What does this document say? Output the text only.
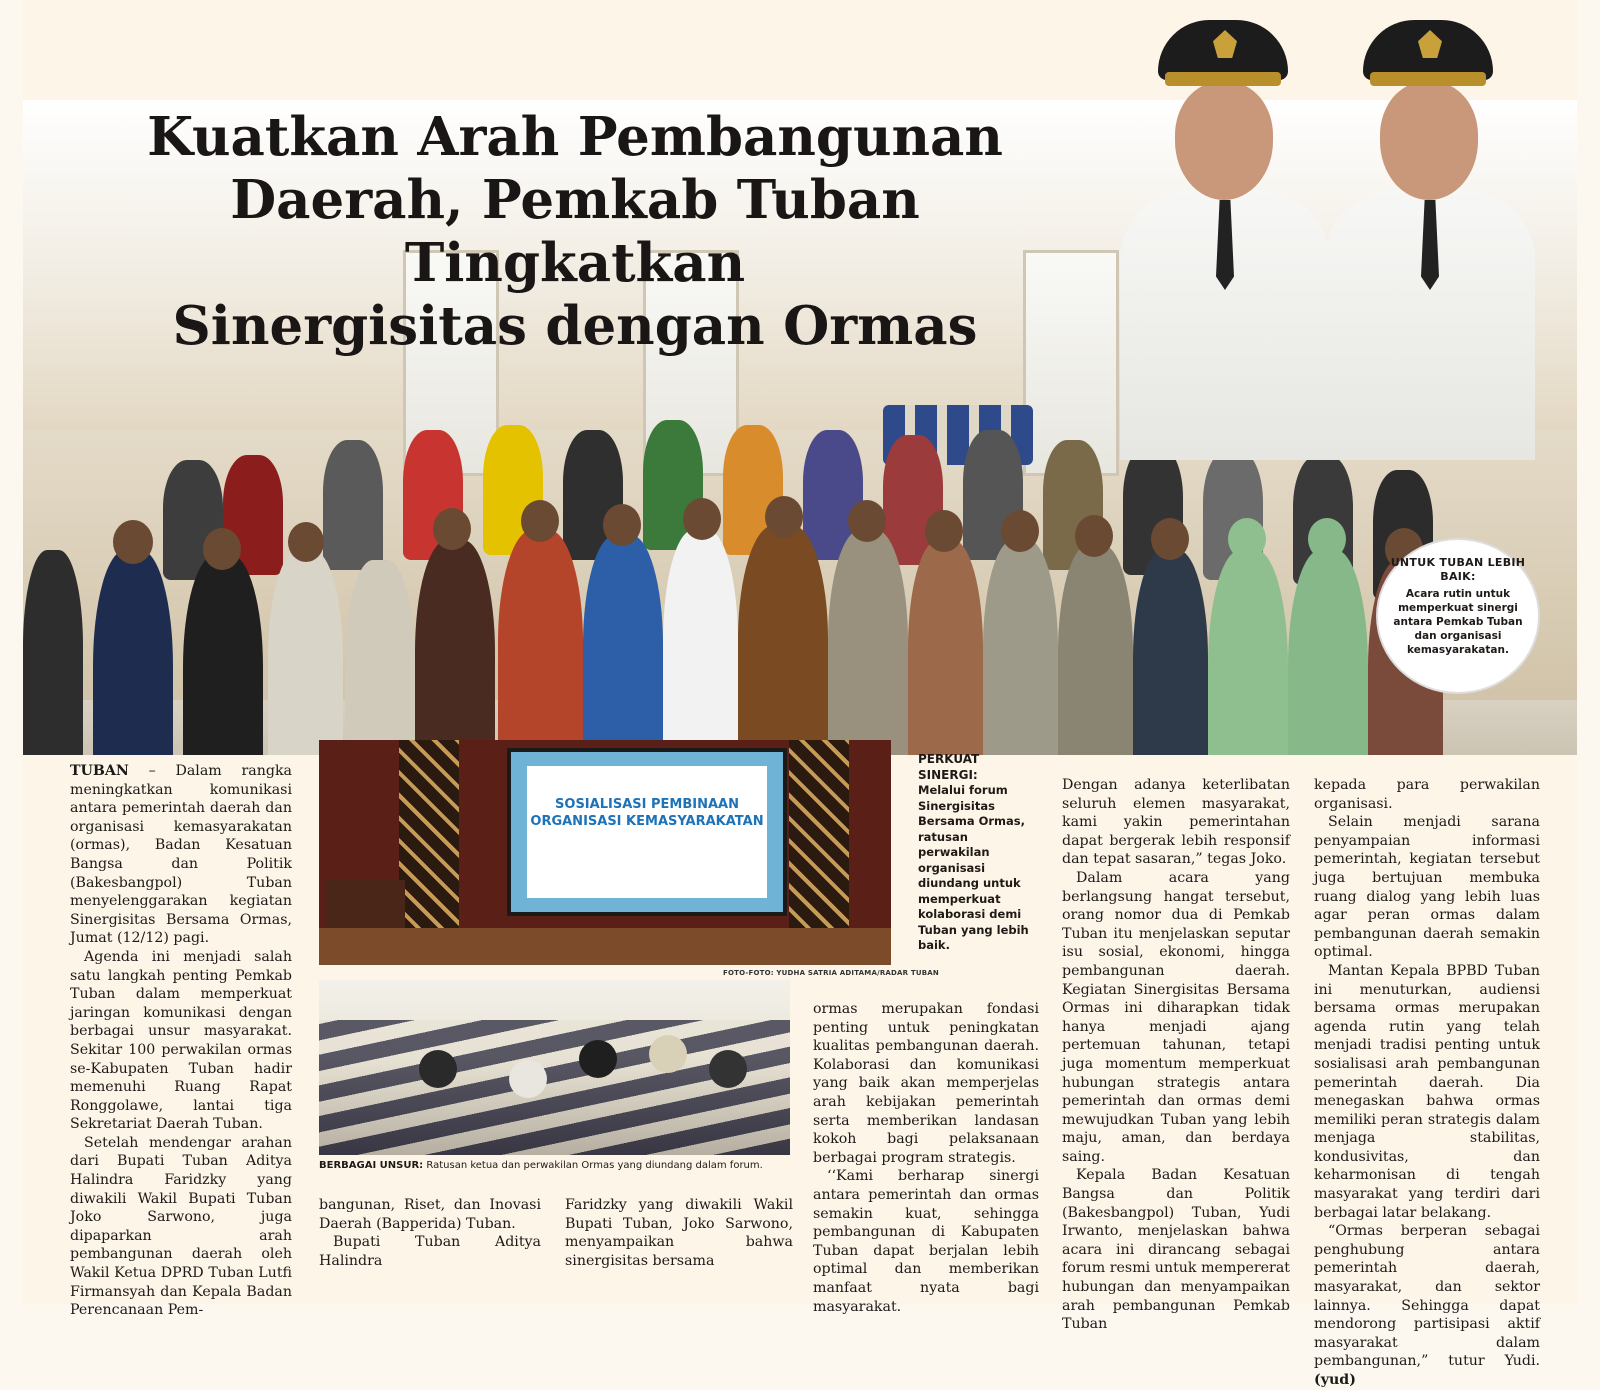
Kuatkan Arah Pembangunan
Daerah, Pemkab Tuban Tingkatkan
Sinergisitas dengan Ormas
UNTUK TUBAN LEBIH BAIK:
Acara rutin untuk memperkuat sinergi antara Pemkab Tuban dan organisasi kemasyarakatan.

TUBAN – Dalam rangka meningkatkan komunikasi antara pemerintah daerah dan organisasi kemasyarakatan (ormas), Badan Kesatuan Bangsa dan Politik (Bakesbangpol) Tuban menyelenggarakan kegiatan Sinergisitas Bersama Ormas, Jumat (12/12) pagi.

Agenda ini menjadi salah satu langkah penting Pemkab Tuban dalam memperkuat jaringan komunikasi dengan berbagai unsur masyarakat. Sekitar 100 perwakilan ormas se-Kabupaten Tuban hadir memenuhi Ruang Rapat Ronggolawe, lantai tiga Sekretariat Daerah Tuban.

Setelah mendengar arahan dari Bupati Tuban Aditya Halindra Faridzky yang diwakili Wakil Bupati Tuban Joko Sarwono, juga dipaparkan arah pembangunan daerah oleh Wakil Ketua DPRD Tuban Lutfi Firmansyah dan Kepala Badan Perencanaan Pem-

SOSIALISASI PEMBINAAN ORGANISASI KEMASYARAKATAN
FOTO-FOTO: YUDHA SATRIA ADITAMA/RADAR TUBAN
PERKUAT SINERGI:
Melalui forum Sinergisitas Bersama Ormas, ratusan perwakilan organisasi diundang untuk memperkuat kolaborasi demi Tuban yang lebih baik.
BERBAGAI UNSUR: Ratusan ketua dan perwakilan Ormas yang diundang dalam forum.

bangunan, Riset, dan Inovasi Daerah (Bapperida) Tuban.

Bupati Tuban Aditya Halindra

Faridzky yang diwakili Wakil Bupati Tuban, Joko Sarwono, menyampaikan bahwa sinergisitas bersama

ormas merupakan fondasi penting untuk peningkatan kualitas pembangunan daerah. Kolaborasi dan komunikasi yang baik akan memperjelas arah kebijakan pemerintah serta memberikan landasan kokoh bagi pelaksanaan berbagai program strategis.

‘‘Kami berharap sinergi antara pemerintah dan ormas semakin kuat, sehingga pembangunan di Kabupaten Tuban dapat berjalan lebih optimal dan memberikan manfaat nyata bagi masyarakat.

Dengan adanya keterlibatan seluruh elemen masyarakat, kami yakin pemerintahan dapat bergerak lebih responsif dan tepat sasaran,” tegas Joko.

Dalam acara yang berlangsung hangat tersebut, orang nomor dua di Pemkab Tuban itu menjelaskan seputar isu sosial, ekonomi, hingga pembangunan daerah. Kegiatan Sinergisitas Bersama Ormas ini diharapkan tidak hanya menjadi ajang pertemuan tahunan, tetapi juga momentum memperkuat hubungan strategis antara pemerintah dan ormas demi mewujudkan Tuban yang lebih maju, aman, dan berdaya saing.

Kepala Badan Kesatuan Bangsa dan Politik (Bakesbangpol) Tuban, Yudi Irwanto, menjelaskan bahwa acara ini dirancang sebagai forum resmi untuk mempererat hubungan dan menyampaikan arah pembangunan Pemkab Tuban

kepada para perwakilan organisasi.

Selain menjadi sarana penyampaian informasi pemerintah, kegiatan tersebut juga bertujuan membuka ruang dialog yang lebih luas agar peran ormas dalam pembangunan daerah semakin optimal.

Mantan Kepala BPBD Tuban ini menuturkan, audiensi bersama ormas merupakan agenda rutin yang telah menjadi tradisi penting untuk sosialisasi arah pembangunan pemerintah daerah. Dia menegaskan bahwa ormas memiliki peran strategis dalam menjaga stabilitas, kondusivitas, dan keharmonisan di tengah masyarakat yang terdiri dari berbagai latar belakang.

“Ormas berperan sebagai penghubung antara pemerintah daerah, masyarakat, dan sektor lainnya. Sehingga dapat mendorong partisipasi aktif masyarakat dalam pembangunan,” tutur Yudi. (yud)
